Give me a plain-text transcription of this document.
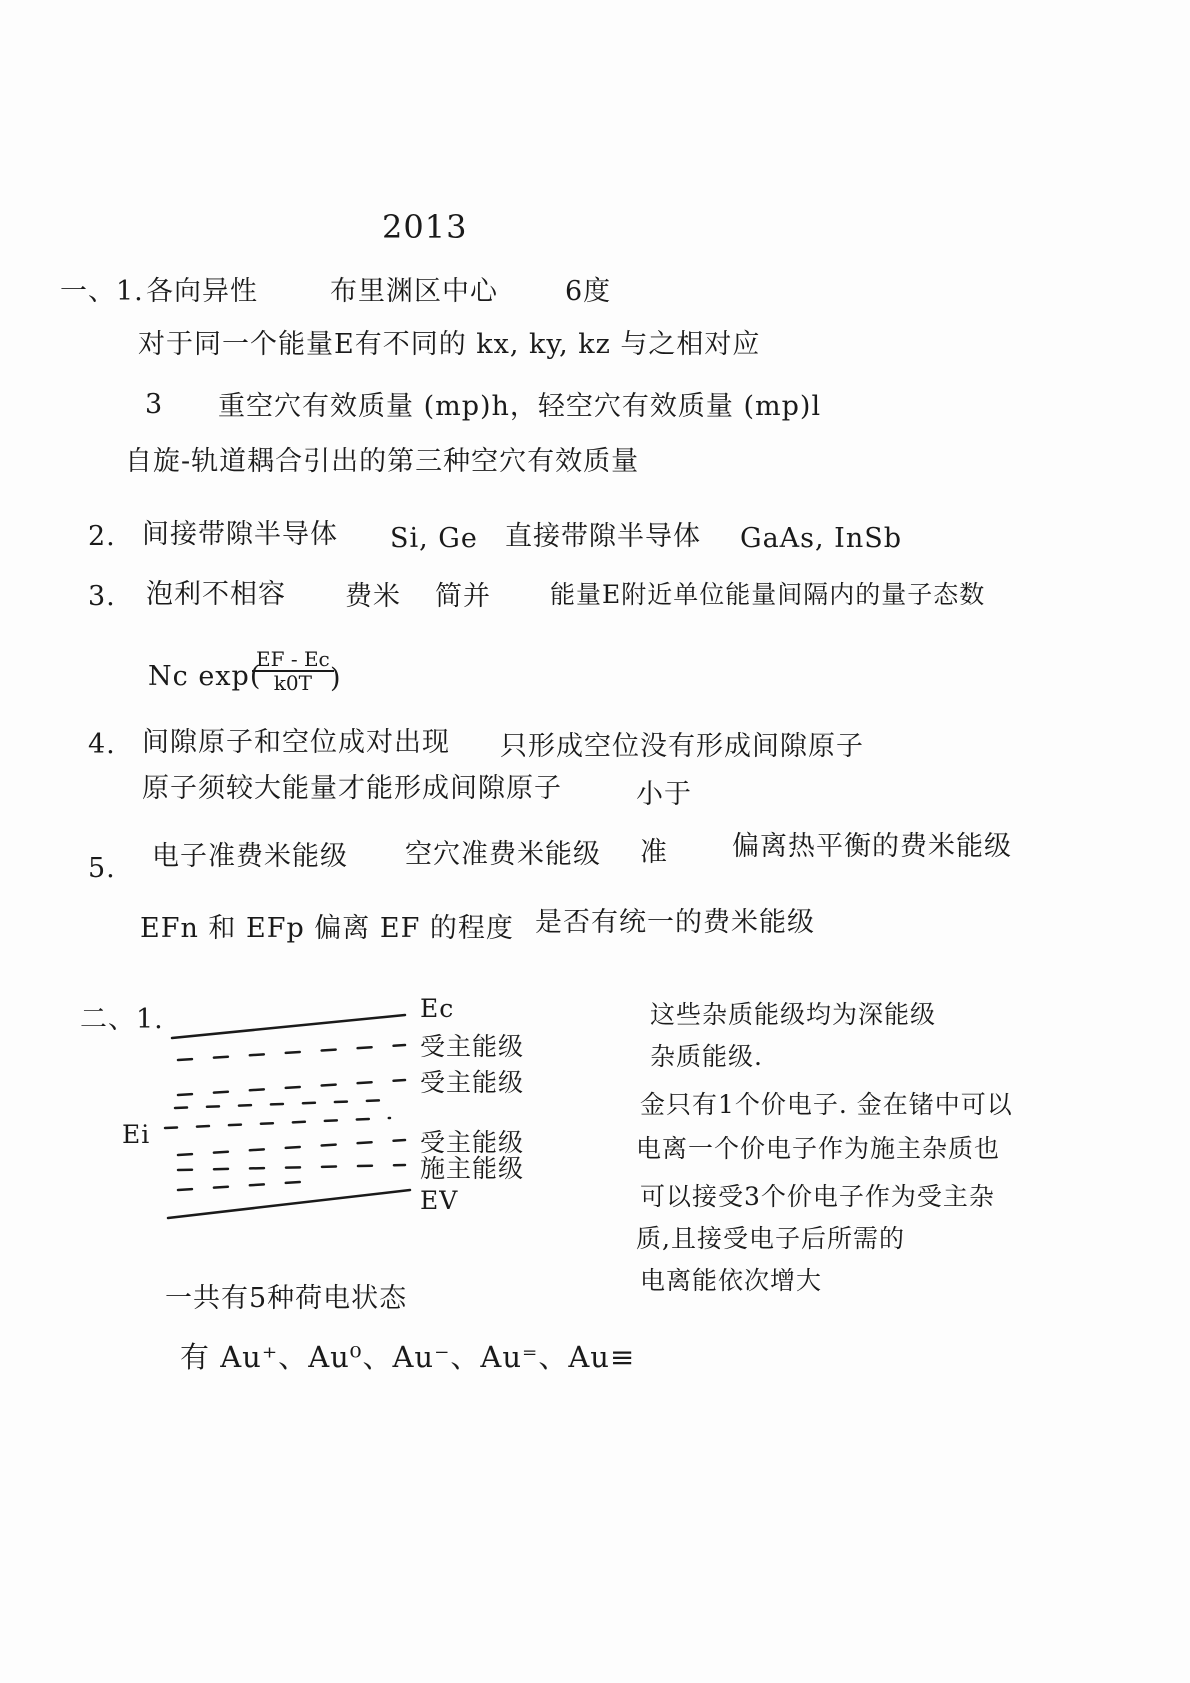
2013
一、1. 各向异性	布里渊区中心 6度
对于同一个能量E有不同的 kx, ky, kz 与之相对应
3 重空穴有效质量 (mp)h，轻空穴有效质量 (mp)l
自旋-轨道耦合引出的第三种空穴有效质量
2. 间接带隙半导体 Si, Ge 直接带隙半导体 GaAs, InSb
3. 泡利不相容 费米 简并 能量E附近单位能量间隔内的量子态数
Nc exp(
$\frac{EF - Ec}{k0T}$
)
4. 间隙原子和空位成对出现 只形成空位没有形成间隙原子
原子须较大能量才能形成间隙原子	小于
5. 电子准费米能级 空穴准费米能级 准 偏离热平衡的费米能级
EFn 和 EFp 偏离 EF 的程度 是否有统一的费米能级
二、1.	Ec
受主能级
受主能级
Ei	受主能级
施主能级
EV
这些杂质能级均为深能级
杂质能级.
金只有1个价电子. 金在锗中可以
电离一个价电子作为施主杂质也
可以接受3个价电子作为受主杂
质,且接受电子后所需的
电离能依次增大
一共有5种荷电状态
有 Au⁺、Au⁰、Au⁻、Au⁼、Au≡
